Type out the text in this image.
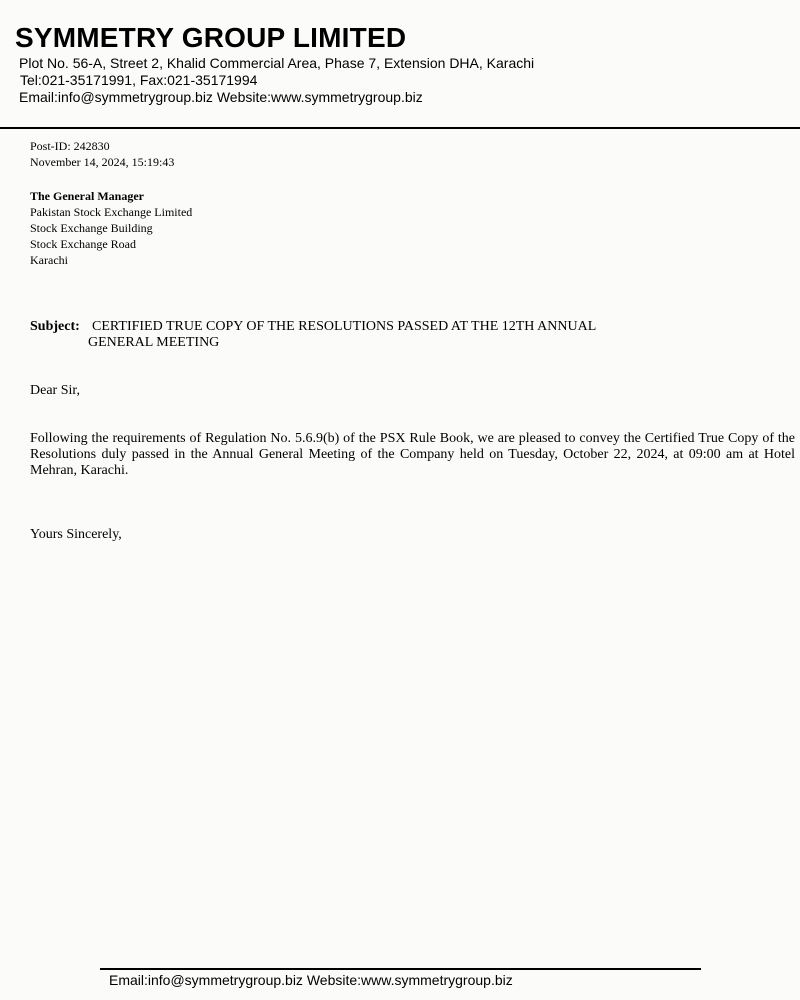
SYMMETRY GROUP LIMITED
Plot No. 56-A, Street 2, Khalid Commercial Area, Phase 7, Extension DHA, Karachi
Tel:021-35171991, Fax:021-35171994
Email:info@symmetrygroup.biz Website:www.symmetrygroup.biz
Post-ID: 242830
November 14, 2024, 15:19:43
The General Manager
Pakistan Stock Exchange Limited
Stock Exchange Building
Stock Exchange Road
Karachi
Subject: CERTIFIED TRUE COPY OF THE RESOLUTIONS PASSED AT THE 12TH ANNUAL
GENERAL MEETING
Dear Sir,

Following the requirements of Regulation No. 5.6.9(b) of the PSX Rule Book, we are pleased to convey the Certified True Copy of the Resolutions duly passed in the Annual General Meeting of the Company held on Tuesday, October 22, 2024, at 09:00 am at Hotel Mehran, Karachi.

Yours Sincerely,
Email:info@symmetrygroup.biz Website:www.symmetrygroup.biz
